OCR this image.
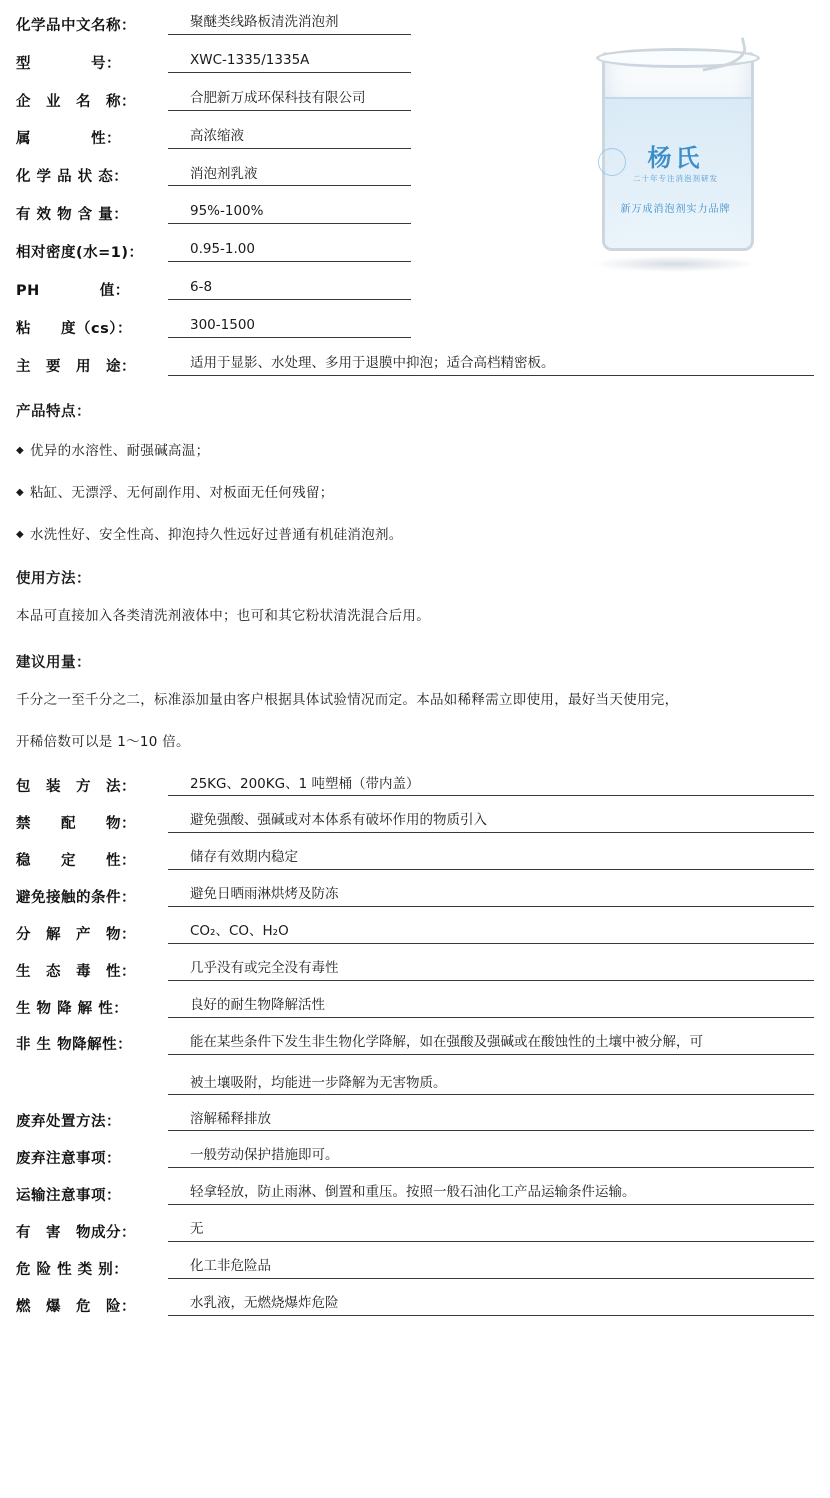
杨氏
二十年专注消泡剂研发
新万成消泡剂实力品牌
化学品中文名称：	聚醚类线路板清洗消泡剂
型　　　　号：	XWC-1335/1335A
企　业　名　称：	合肥新万成环保科技有限公司
属　　　　性：	高浓缩液
化 学 品 状 态：	消泡剂乳液
有 效 物 含 量：	95%-100%
相对密度(水=1)：	0.95-1.00
PH　　　　值：	6-8
粘　　度（cs）：	300-1500
主　要　用　途：	适用于显影、水处理、多用于退膜中抑泡；适合高档精密板。
产品特点：
◆ 优异的水溶性、耐强碱高温；
◆ 粘缸、无漂浮、无何副作用、对板面无任何残留；
◆ 水洗性好、安全性高、抑泡持久性远好过普通有机硅消泡剂。
使用方法：
本品可直接加入各类清洗剂液体中；也可和其它粉状清洗混合后用。
建议用量：
千分之一至千分之二，标准添加量由客户根据具体试验情况而定。本品如稀释需立即使用，最好当天使用完，
开稀倍数可以是 1～10 倍。
包　装　方　法：	25KG、200KG、1 吨塑桶（带内盖）
禁　　配　　物：	避免强酸、强碱或对本体系有破坏作用的物质引入
稳　　定　　性：	储存有效期内稳定
避免接触的条件：	避免日晒雨淋烘烤及防冻
分　解　产　物：	CO₂、CO、H₂O
生　态　毒　性：	几乎没有或完全没有毒性
生 物 降 解 性：	良好的耐生物降解活性
非 生 物降解性：	能在某些条件下发生非生物化学降解，如在强酸及强碱或在酸蚀性的土壤中被分解，可
被土壤吸附，均能进一步降解为无害物质。
废弃处置方法：	溶解稀释排放
废弃注意事项：	一般劳动保护措施即可。
运输注意事项：	轻拿轻放，防止雨淋、倒置和重压。按照一般石油化工产品运输条件运输。
有　害　物成分：	无
危 险 性 类 别：	化工非危险品
燃　爆　危　险：	水乳液，无燃烧爆炸危险
